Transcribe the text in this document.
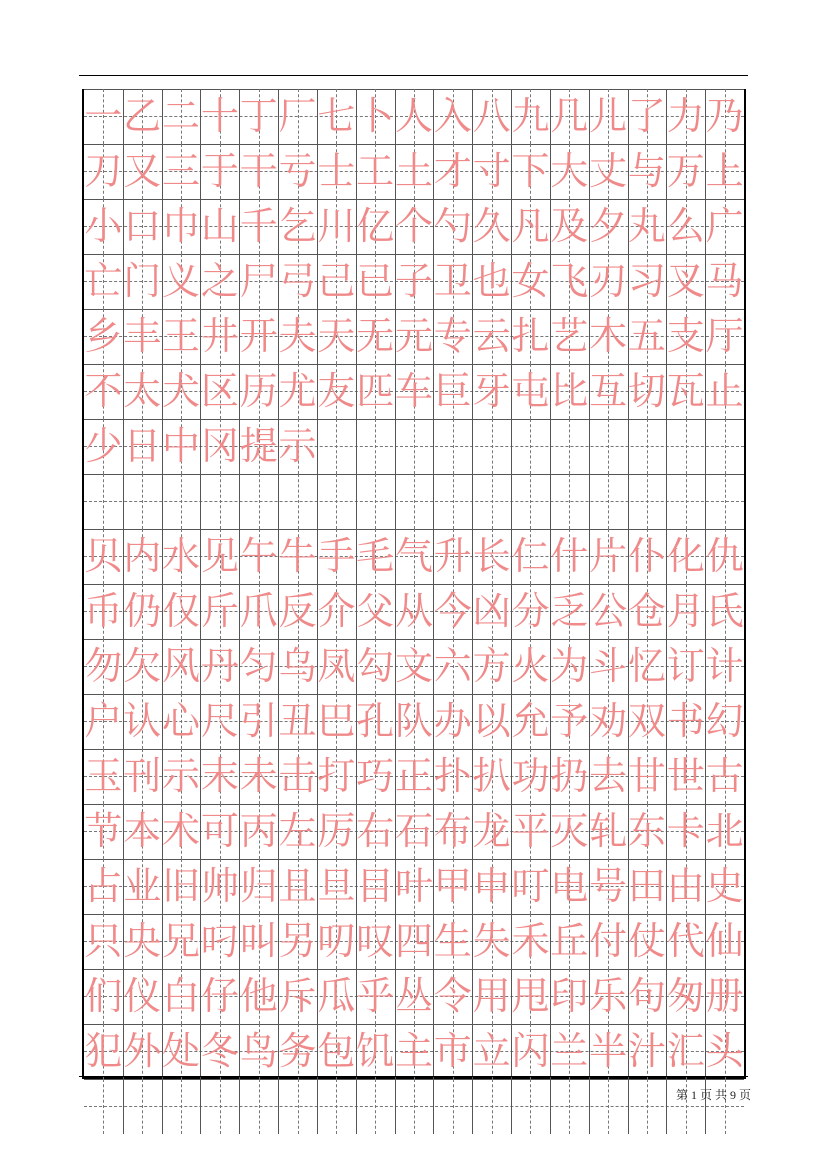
一 乙 二 十 丁 厂 七 卜 人 入 八 九 几 儿 了 力 乃
刀 又 三 于 干 亏 士 工 土 才 寸 下 大 丈 与 万 上
小 口 巾 山 千 乞 川 亿 个 勺 久 凡 及 夕 丸 么 广
亡 门 义 之 尸 弓 己 已 子 卫 也 女 飞 刃 习 叉 马
乡 丰 王 井 开 夫 天 无 元 专 云 扎 艺 木 五 支 厅
不 太 犬 区 历 尤 友 匹 车 巨 牙 屯 比 互 切 瓦 止
少 日 中 冈 提 示
贝 内 水 见 午 牛 手 毛 气 升 长 仁 什 片 仆 化 仇
币 仍 仅 斤 爪 反 介 父 从 今 凶 分 乏 公 仓 月 氏
勿 欠 风 丹 匀 乌 凤 勾 文 六 方 火 为 斗 忆 订 计
户 认 心 尺 引 丑 巴 孔 队 办 以 允 予 劝 双 书 幻
玉 刊 示 末 未 击 打 巧 正 扑 扒 功 扔 去 甘 世 古
节 本 术 可 丙 左 厉 右 石 布 龙 平 灭 轧 东 卡 北
占 业 旧 帅 归 且 旦 目 叶 甲 申 叮 电 号 田 由 史
只 央 兄 叼 叫 另 叨 叹 四 生 失 禾 丘 付 仗 代 仙
们 仪 白 仔 他 斥 瓜 乎 丛 令 用 甩 印 乐 句 匆 册
犯 外 处 冬 鸟 务 包 饥 主 市 立 闪 兰 半 汁 汇 头
第 1 页 共 9 页
